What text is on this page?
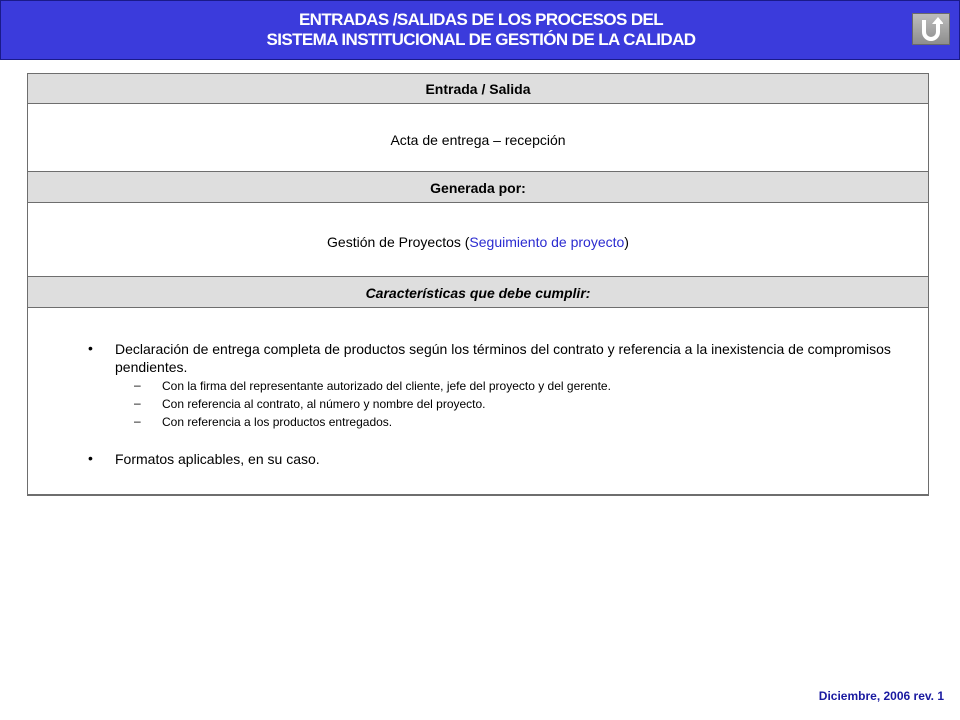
ENTRADAS /SALIDAS DE LOS PROCESOS DEL
SISTEMA INSTITUCIONAL DE GESTIÓN DE LA CALIDAD
Entrada / Salida
Acta de entrega – recepción
Generada por:
Gestión de Proyectos (Seguimiento de proyecto)
Características que debe cumplir:
• Declaración de entrega completa de productos según los términos del contrato y referencia a la inexistencia de compromisos pendientes.
– Con la firma del representante autorizado del cliente, jefe del proyecto y del gerente.
– Con referencia al contrato, al número y nombre del proyecto.
– Con referencia a los productos entregados.
• Formatos aplicables, en su caso.
Diciembre, 2006 rev. 1
